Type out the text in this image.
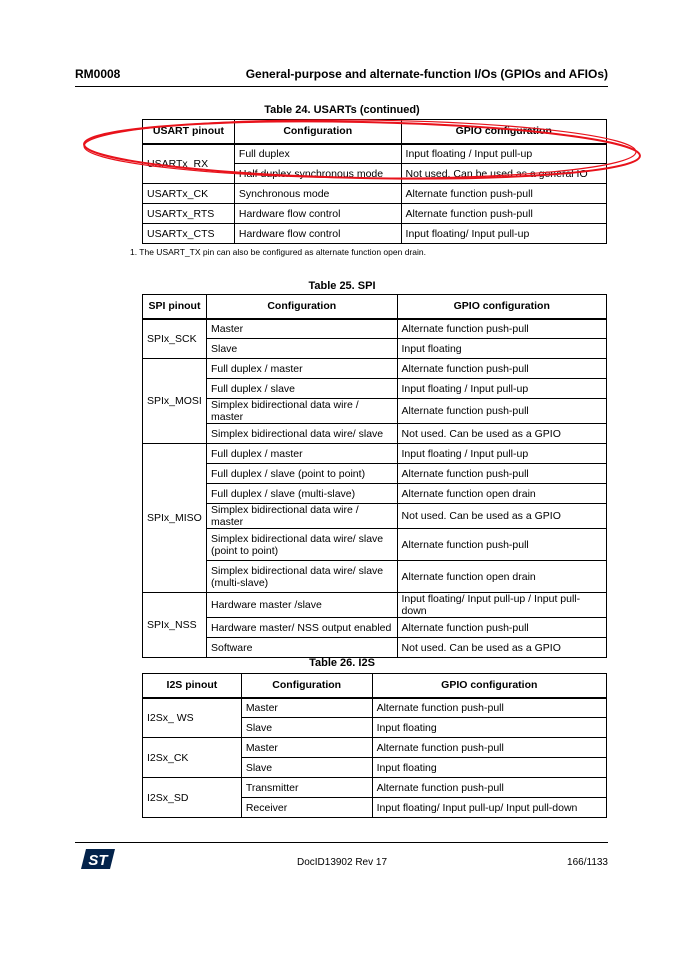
RM0008	General-purpose and alternate-function I/Os (GPIOs and AFIOs)
Table 24. USARTs (continued)
USART pinout	Configuration	GPIO configuration
USARTx_RX	Full duplex	Input floating / Input pull-up
	Half duplex synchronous mode	Not used. Can be used as a general IO
USARTx_CK	Synchronous mode	Alternate function push-pull
USARTx_RTS	Hardware flow control	Alternate function push-pull
USARTx_CTS	Hardware flow control	Input floating/ Input pull-up
1. The USART_TX pin can also be configured as alternate function open drain.
Table 25. SPI
SPI pinout	Configuration	GPIO configuration
SPIx_SCK	Master	Alternate function push-pull
	Slave	Input floating
SPIx_MOSI	Full duplex / master	Alternate function push-pull
	Full duplex / slave	Input floating / Input pull-up
	Simplex bidirectional data wire / master	Alternate function push-pull
	Simplex bidirectional data wire/ slave	Not used. Can be used as a GPIO
SPIx_MISO	Full duplex / master	Input floating / Input pull-up
	Full duplex / slave (point to point)	Alternate function push-pull
	Full duplex / slave (multi-slave)	Alternate function open drain
	Simplex bidirectional data wire / master	Not used. Can be used as a GPIO
	Simplex bidirectional data wire/ slave (point to point)	Alternate function push-pull
	Simplex bidirectional data wire/ slave (multi-slave)	Alternate function open drain
SPIx_NSS	Hardware master /slave	Input floating/ Input pull-up / Input pull-down
	Hardware master/ NSS output enabled	Alternate function push-pull
	Software	Not used. Can be used as a GPIO
Table 26. I2S
I2S pinout	Configuration	GPIO configuration
I2Sx_ WS	Master	Alternate function push-pull
	Slave	Input floating
I2Sx_CK	Master	Alternate function push-pull
	Slave	Input floating
I2Sx_SD	Transmitter	Alternate function push-pull
	Receiver	Input floating/ Input pull-up/ Input pull-down
ST	DocID13902 Rev 17	166/1133
